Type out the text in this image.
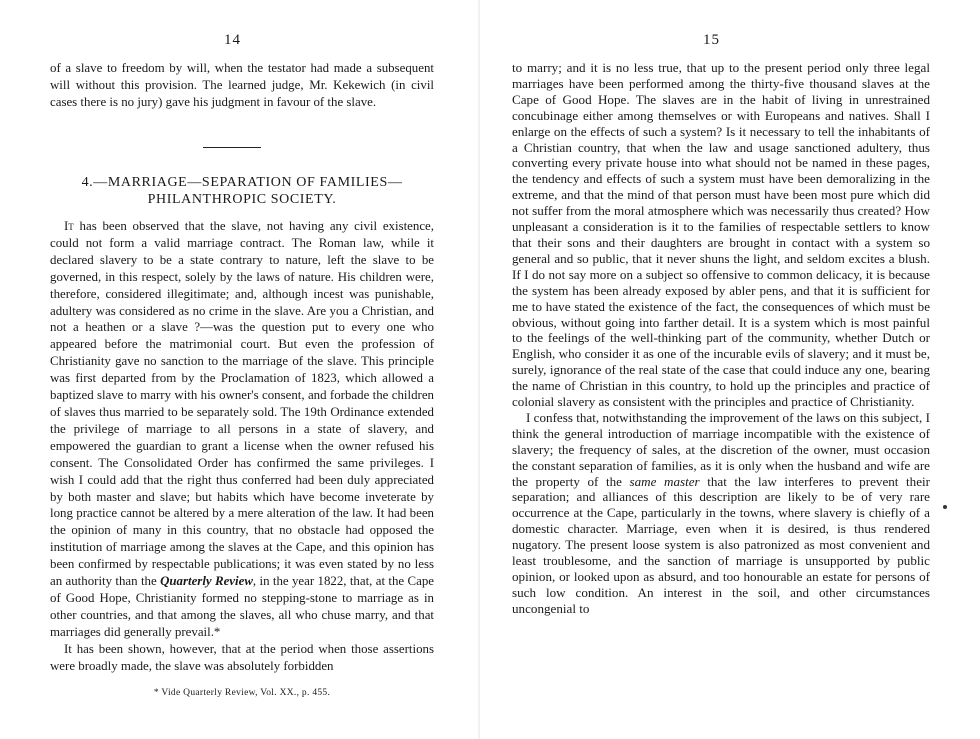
14

of a slave to freedom by will, when the testator had made a subsequent will without this provision. The learned judge, Mr. Kekewich (in civil cases there is no jury) gave his judgment in favour of the slave.

4.—MARRIAGE—SEPARATION OF FAMILIES—
PHILANTHROPIC SOCIETY.

It has been observed that the slave, not having any civil existence, could not form a valid marriage contract. The Roman law, while it declared slavery to be a state contrary to nature, left the slave to be governed, in this respect, solely by the laws of nature. His children were, therefore, considered illegitimate; and, although incest was punishable, adultery was considered as no crime in the slave. Are you a Christian, and not a heathen or a slave ?—was the question put to every one who appeared before the matrimonial court. But even the profession of Christianity gave no sanction to the marriage of the slave. This principle was first departed from by the Proclamation of 1823, which allowed a baptized slave to marry with his owner's consent, and forbade the children of slaves thus married to be separately sold. The 19th Ordinance extended the privilege of marriage to all persons in a state of slavery, and empowered the guardian to grant a license when the owner refused his consent. The Consolidated Order has confirmed the same privileges. I wish I could add that the right thus conferred had been duly appreciated by both master and slave; but habits which have become inveterate by long practice cannot be altered by a mere alteration of the law. It had been the opinion of many in this country, that no obstacle had opposed the institution of marriage among the slaves at the Cape, and this opinion has been confirmed by respectable publications; it was even stated by no less an authority than the Quarterly Review, in the year 1822, that, at the Cape of Good Hope, Christianity formed no stepping-stone to marriage as in other countries, and that among the slaves, all who chuse marry, and that marriages did generally prevail.*

It has been shown, however, that at the period when those assertions were broadly made, the slave was absolutely forbidden

* Vide Quarterly Review, Vol. XX., p. 455.
15

to marry; and it is no less true, that up to the present period only three legal marriages have been performed among the thirty-five thousand slaves at the Cape of Good Hope. The slaves are in the habit of living in unrestrained concubinage either among themselves or with Europeans and natives. Shall I enlarge on the effects of such a system? Is it necessary to tell the inhabitants of a Christian country, that when the law and usage sanctioned adultery, thus converting every private house into what should not be named in these pages, the tendency and effects of such a system must have been demoralizing in the extreme, and that the mind of that person must have been most pure which did not suffer from the moral atmosphere which was necessarily thus created? How unpleasant a consideration is it to the families of respectable settlers to know that their sons and their daughters are brought in contact with a system so general and so public, that it never shuns the light, and seldom excites a blush. If I do not say more on a subject so offensive to common delicacy, it is because the system has been already exposed by abler pens, and that it is sufficient for me to have stated the existence of the fact, the consequences of which must be obvious, without going into farther detail. It is a system which is most painful to the feelings of the well-thinking part of the community, whether Dutch or English, who consider it as one of the incurable evils of slavery; and it must be, surely, ignorance of the real state of the case that could induce any one, bearing the name of Christian in this country, to hold up the principles and practice of colonial slavery as consistent with the principles and practice of Christianity.

I confess that, notwithstanding the improvement of the laws on this subject, I think the general introduction of marriage incompatible with the existence of slavery; the frequency of sales, at the discretion of the owner, must occasion the constant separation of families, as it is only when the husband and wife are the property of the same master that the law interferes to prevent their separation; and alliances of this description are likely to be of very rare occurrence at the Cape, particularly in the towns, where slavery is chiefly of a domestic character. Marriage, even when it is desired, is thus rendered nugatory. The present loose system is also patronized as most convenient and least troublesome, and the sanction of marriage is unsupported by public opinion, or looked upon as absurd, and too honourable an estate for persons of such low condition. An interest in the soil, and other circumstances uncongenial to
